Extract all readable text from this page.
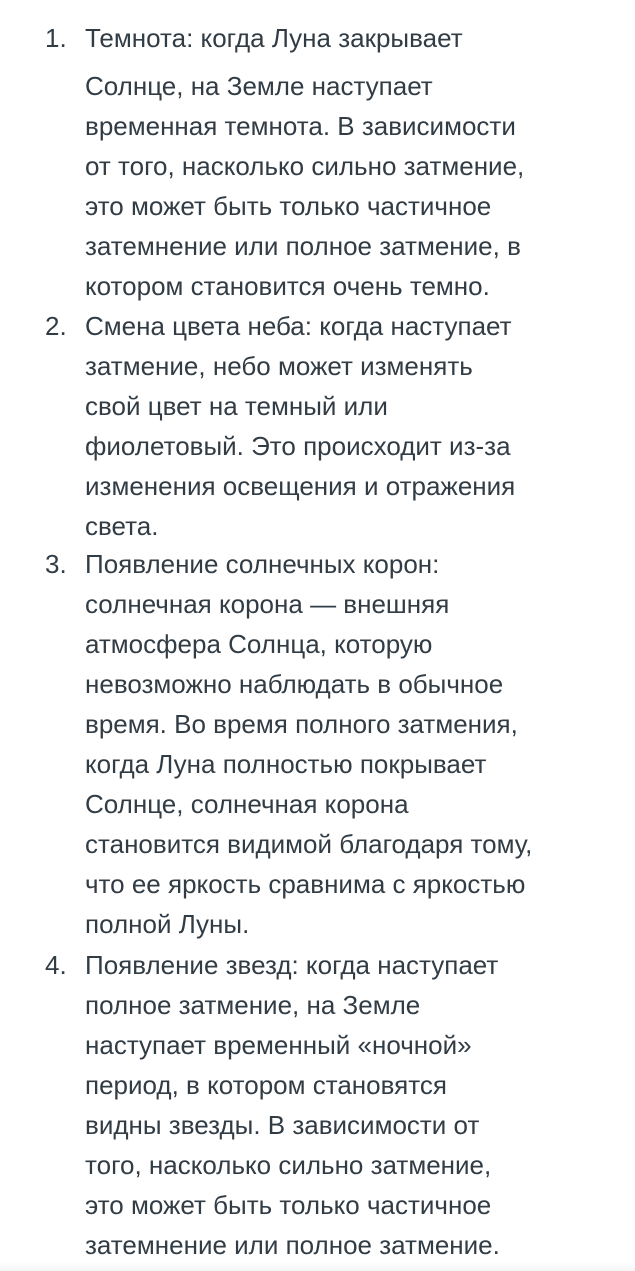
1. Темнота: когда Луна закрывает
Солнце, на Земле наступает
временная темнота. В зависимости
от того, насколько сильно затмение,
это может быть только частичное
затемнение или полное затмение, в
котором становится очень темно.
2. Смена цвета неба: когда наступает
затмение, небо может изменять
свой цвет на темный или
фиолетовый. Это происходит из-за
изменения освещения и отражения
света.
3. Появление солнечных корон:
солнечная корона — внешняя
атмосфера Солнца, которую
невозможно наблюдать в обычное
время. Во время полного затмения,
когда Луна полностью покрывает
Солнце, солнечная корона
становится видимой благодаря тому,
что ее яркость сравнима с яркостью
полной Луны.
4. Появление звезд: когда наступает
полное затмение, на Земле
наступает временный «ночной»
период, в котором становятся
видны звезды. В зависимости от
того, насколько сильно затмение,
это может быть только частичное
затемнение или полное затмение.
